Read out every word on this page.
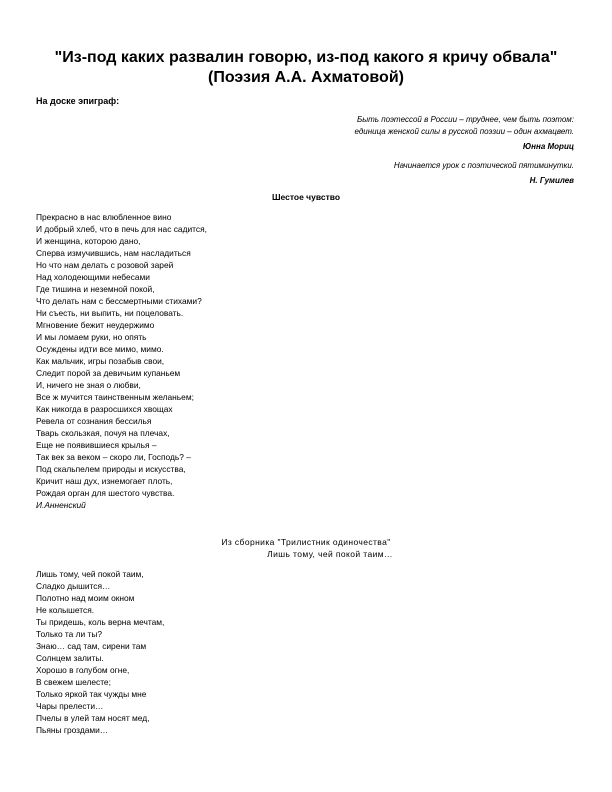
"Из-под каких развалин говорю, из-под какого я кричу обвала" (Поэзия А.А. Ахматовой)
На доске эпиграф:
Быть поэтессой в России – труднее, чем быть поэтом:
единица женской силы в русской поэзии – один ахмацвет.
Юнна Мориц
Начинается урок с поэтической пятиминутки.
Н. Гумилев
Шестое чувство
Прекрасно в нас влюбленное вино
И добрый хлеб, что в печь для нас садится,
И женщина, которою дано,
Сперва измучившись, нам насладиться
Но что нам делать с розовой зарей
Над холодеющими небесами
Где тишина и неземной покой,
Что делать нам с бессмертными стихами?
Ни съесть, ни выпить, ни поцеловать.
Мгновение бежит неудержимо
И мы ломаем руки, но опять
Осуждены идти все мимо, мимо.
Как мальчик, игры позабыв свои,
Следит порой за девичьим купаньем
И, ничего не зная о любви,
Все ж мучится таинственным желаньем;
Как никогда в разросшихся хвощах
Ревела от сознания бессилья
Тварь скользкая, почуя на плечах,
Еще не появившиеся крылья –
Так век за веком – скоро ли, Господь? –
Под скальпелем природы и искусства,
Кричит наш дух, изнемогает плоть,
Рождая орган для шестого чувства.
И.Анненский
Из сборника "Трилистник одиночества"
Лишь тому, чей покой таим…
Лишь тому, чей покой таим,
Сладко дышится…
Полотно над моим окном
Не колышется.
Ты придешь, коль верна мечтам,
Только та ли ты?
Знаю… сад там, сирени там
Солнцем залиты.
Хорошо в голубом огне,
В свежем шелесте;
Только яркой так чужды мне
Чары прелести…
Пчелы в улей там носят мед,
Пьяны гроздами…
